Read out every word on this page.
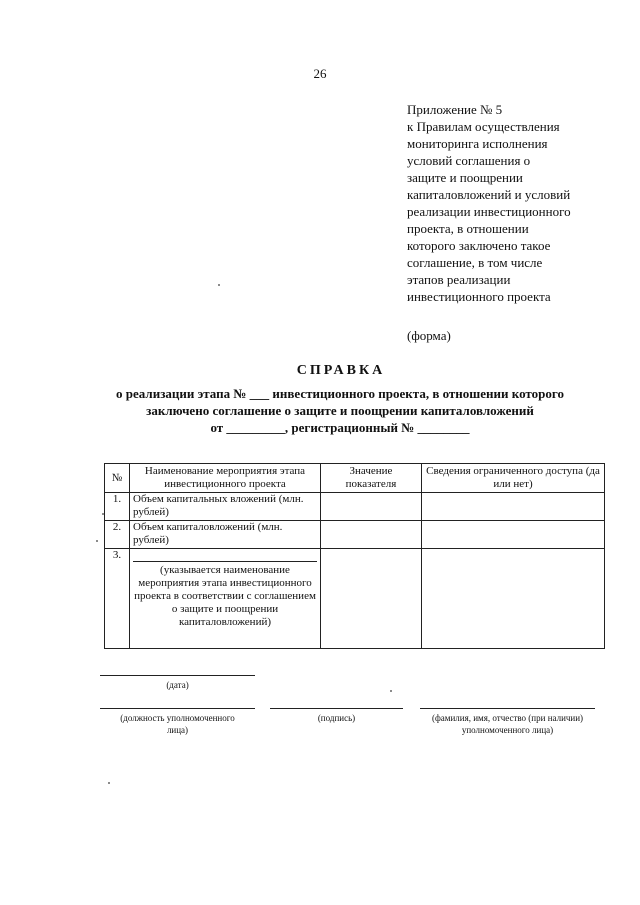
26
Приложение № 5
к Правилам осуществления
мониторинга исполнения
условий соглашения о
защите и поощрении
капиталовложений и условий
реализации инвестиционного
проекта, в отношении
которого заключено такое
соглашение, в том числе
этапов реализации
инвестиционного проекта
(форма)
СПРАВКА
о реализации этапа № ___ инвестиционного проекта, в отношении которого
заключено соглашение о защите и поощрении капиталовложений
от _________, регистрационный № ________
№	Наименование мероприятия этапа инвестиционного проекта	Значение показателя	Сведения ограниченного доступа (да или нет)
1.	Объем капитальных вложений (млн. рублей)		
2.	Объем капиталовложений (млн. рублей)		
3.	(указывается наименование мероприятия этапа инвестиционного проекта в соответствии с соглашением о защите и поощрении капиталовложений)		

(дата)
(должность уполномоченного лица)
(подпись)	(фамилия, имя, отчество (при наличии) уполномоченного лица)
